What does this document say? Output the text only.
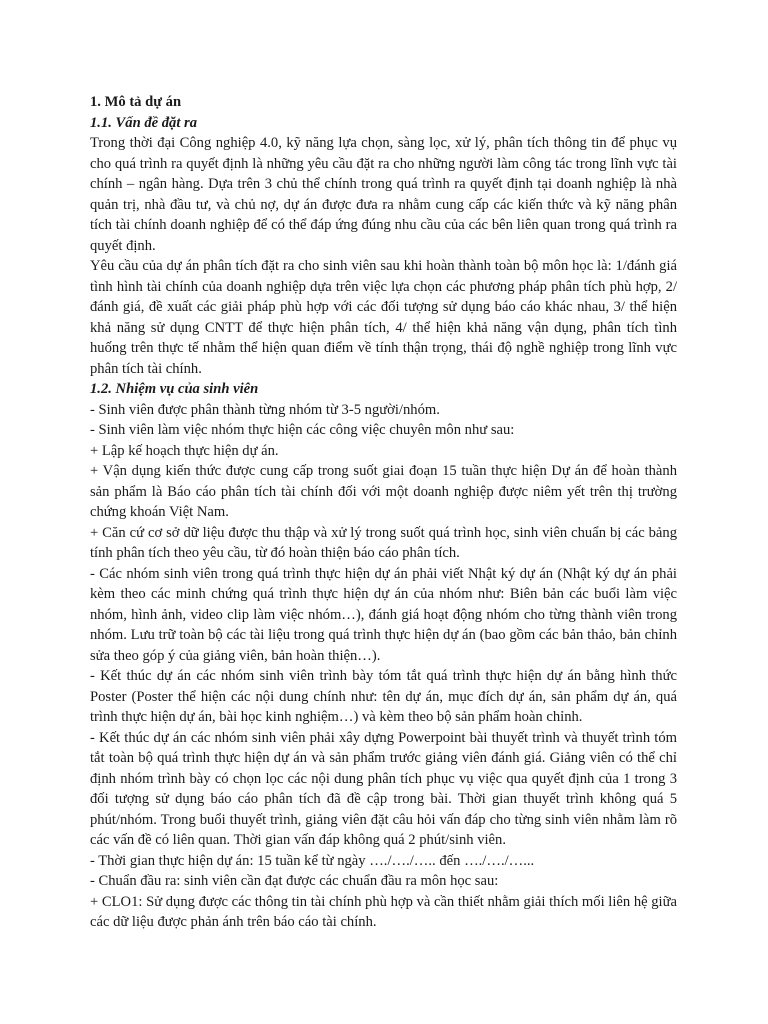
1. Mô tả dự án

1.1. Vấn đề đặt ra

Trong thời đại Công nghiệp 4.0, kỹ năng lựa chọn, sàng lọc, xử lý, phân tích thông tin để phục vụ cho quá trình ra quyết định là những yêu cầu đặt ra cho những người làm công tác trong lĩnh vực tài chính – ngân hàng. Dựa trên 3 chủ thể chính trong quá trình ra quyết định tại doanh nghiệp là nhà quản trị, nhà đầu tư, và chủ nợ, dự án được đưa ra nhằm cung cấp các kiến thức và kỹ năng phân tích tài chính doanh nghiệp để có thể đáp ứng đúng nhu cầu của các bên liên quan trong quá trình ra quyết định.

Yêu cầu của dự án phân tích đặt ra cho sinh viên sau khi hoàn thành toàn bộ môn học là: 1/đánh giá tình hình tài chính của doanh nghiệp dựa trên việc lựa chọn các phương pháp phân tích phù hợp, 2/ đánh giá, đề xuất các giải pháp phù hợp với các đối tượng sử dụng báo cáo khác nhau, 3/ thể hiện khả năng sử dụng CNTT để thực hiện phân tích, 4/ thể hiện khả năng vận dụng, phân tích tình huống trên thực tế nhằm thể hiện quan điểm về tính thận trọng, thái độ nghề nghiệp trong lĩnh vực phân tích tài chính.

1.2. Nhiệm vụ của sinh viên

- Sinh viên được phân thành từng nhóm từ 3-5 người/nhóm.

- Sinh viên làm việc nhóm thực hiện các công việc chuyên môn như sau:

+ Lập kế hoạch thực hiện dự án.

+ Vận dụng kiến thức được cung cấp trong suốt giai đoạn 15 tuần thực hiện Dự án để hoàn thành sản phẩm là Báo cáo phân tích tài chính đối với một doanh nghiệp được niêm yết trên thị trường chứng khoán Việt Nam.

+ Căn cứ cơ sở dữ liệu được thu thập và xử lý trong suốt quá trình học, sinh viên chuẩn bị các bảng tính phân tích theo yêu cầu, từ đó hoàn thiện báo cáo phân tích.

- Các nhóm sinh viên trong quá trình thực hiện dự án phải viết Nhật ký dự án (Nhật ký dự án phải kèm theo các minh chứng quá trình thực hiện dự án của nhóm như: Biên bản các buổi làm việc nhóm, hình ảnh, video clip làm việc nhóm…), đánh giá hoạt động nhóm cho từng thành viên trong nhóm. Lưu trữ toàn bộ các tài liệu trong quá trình thực hiện dự án (bao gồm các bản thảo, bản chỉnh sửa theo góp ý của giảng viên, bản hoàn thiện…).

- Kết thúc dự án các nhóm sinh viên trình bày tóm tắt quá trình thực hiện dự án bằng hình thức Poster (Poster thể hiện các nội dung chính như: tên dự án, mục đích dự án, sản phẩm dự án, quá trình thực hiện dự án, bài học kinh nghiệm…) và kèm theo bộ sản phẩm hoàn chỉnh.

- Kết thúc dự án các nhóm sinh viên phải xây dựng Powerpoint bài thuyết trình và thuyết trình tóm tắt toàn bộ quá trình thực hiện dự án và sản phẩm trước giảng viên đánh giá. Giảng viên có thể chỉ định nhóm trình bày có chọn lọc các nội dung phân tích phục vụ việc qua quyết định của 1 trong 3 đối tượng sử dụng báo cáo phân tích đã đề cập trong bài. Thời gian thuyết trình không quá 5 phút/nhóm. Trong buổi thuyết trình, giảng viên đặt câu hỏi vấn đáp cho từng sinh viên nhằm làm rõ các vấn đề có liên quan. Thời gian vấn đáp không quá 2 phút/sinh viên.

- Thời gian thực hiện dự án: 15 tuần kể từ ngày …./…./….. đến …./…./…...

- Chuẩn đầu ra: sinh viên cần đạt được các chuẩn đầu ra môn học sau:

+ CLO1: Sử dụng được các thông tin tài chính phù hợp và cần thiết nhằm giải thích mối liên hệ giữa các dữ liệu được phản ánh trên báo cáo tài chính.
